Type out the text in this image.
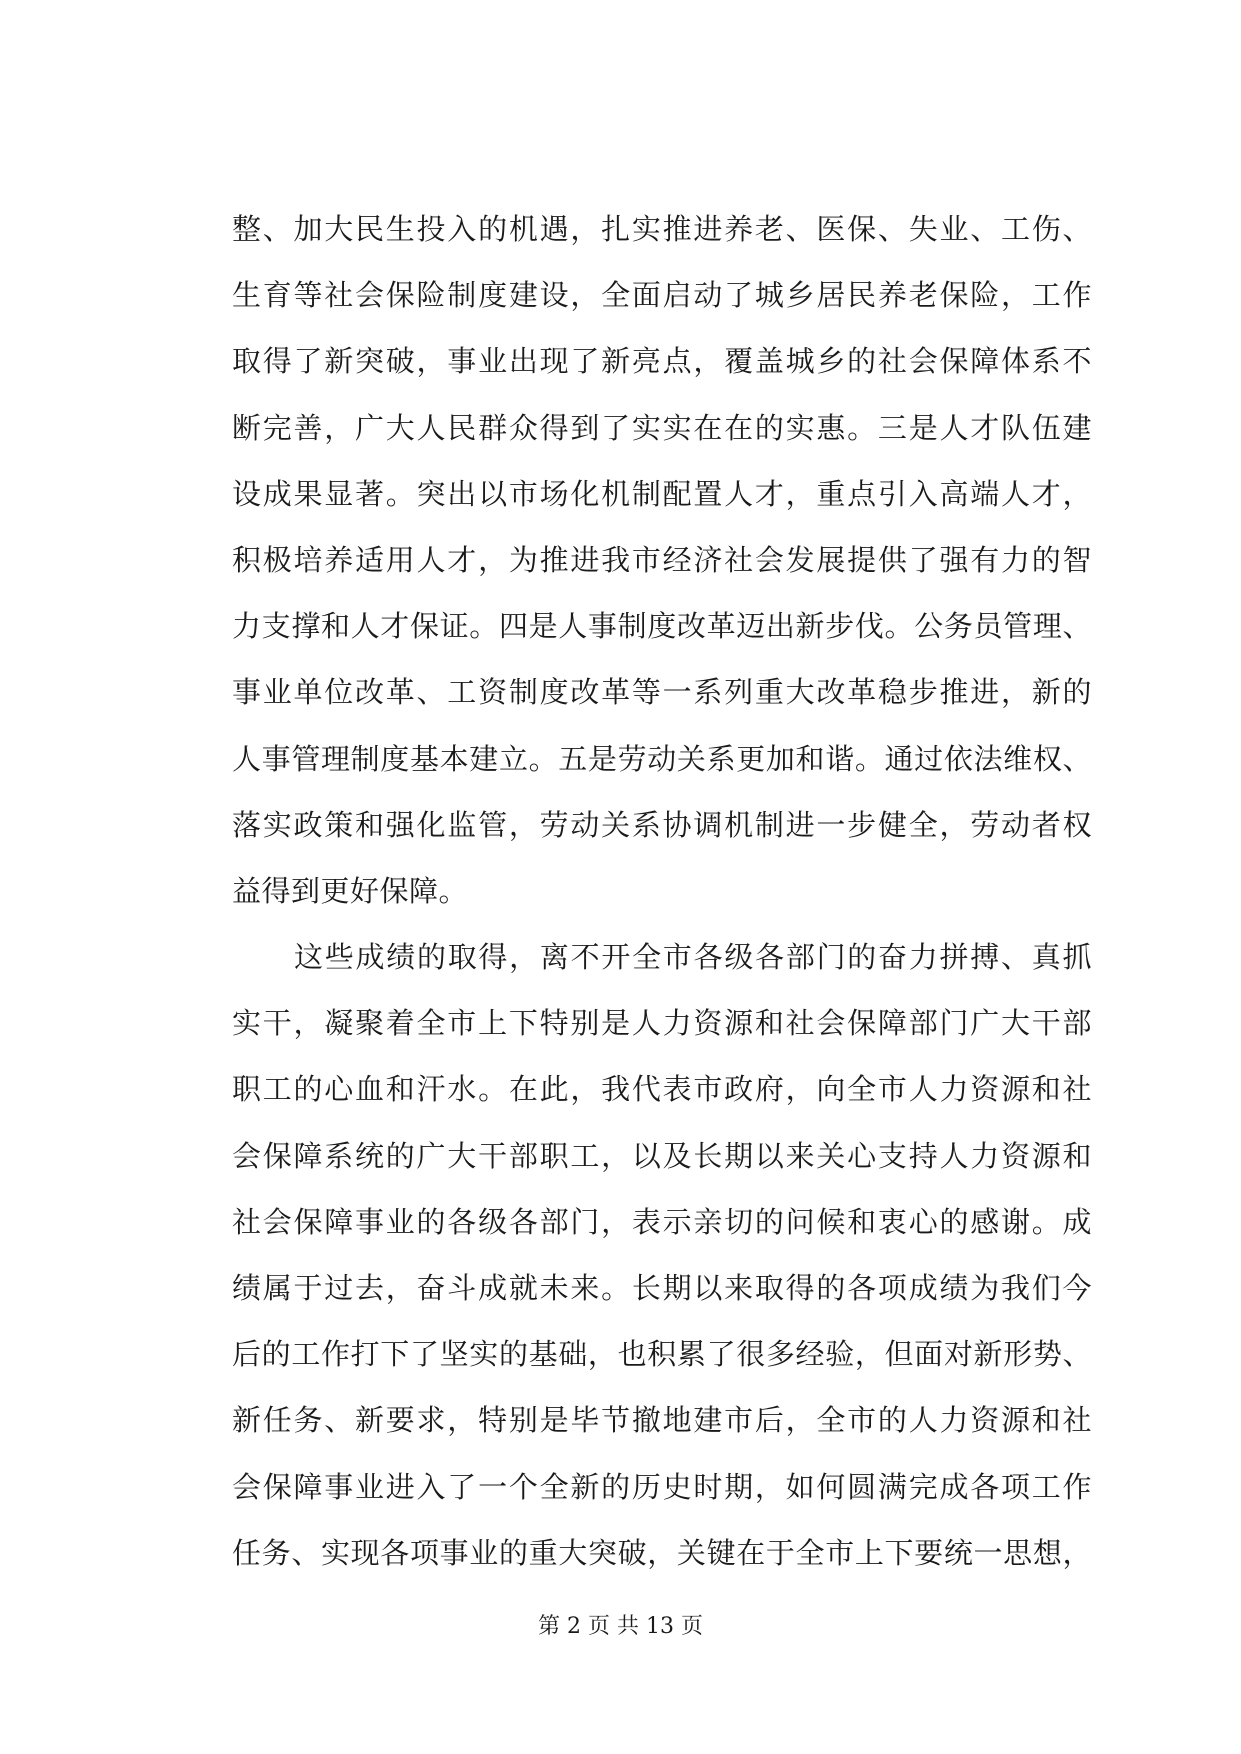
整、加大民生投入的机遇，扎实推进养老、医保、失业、工伤、
生育等社会保险制度建设，全面启动了城乡居民养老保险，工作
取得了新突破，事业出现了新亮点，覆盖城乡的社会保障体系不
断完善，广大人民群众得到了实实在在的实惠。三是人才队伍建
设成果显著。突出以市场化机制配置人才，重点引入高端人才，
积极培养适用人才，为推进我市经济社会发展提供了强有力的智
力支撑和人才保证。四是人事制度改革迈出新步伐。公务员管理、
事业单位改革、工资制度改革等一系列重大改革稳步推进，新的
人事管理制度基本建立。五是劳动关系更加和谐。通过依法维权、
落实政策和强化监管，劳动关系协调机制进一步健全，劳动者权
益得到更好保障。
这些成绩的取得，离不开全市各级各部门的奋力拼搏、真抓
实干，凝聚着全市上下特别是人力资源和社会保障部门广大干部
职工的心血和汗水。在此，我代表市政府，向全市人力资源和社
会保障系统的广大干部职工，以及长期以来关心支持人力资源和
社会保障事业的各级各部门，表示亲切的问候和衷心的感谢。成
绩属于过去，奋斗成就未来。长期以来取得的各项成绩为我们今
后的工作打下了坚实的基础，也积累了很多经验，但面对新形势、
新任务、新要求，特别是毕节撤地建市后，全市的人力资源和社
会保障事业进入了一个全新的历史时期，如何圆满完成各项工作
任务、实现各项事业的重大突破，关键在于全市上下要统一思想，
第 2 页 共 13 页
